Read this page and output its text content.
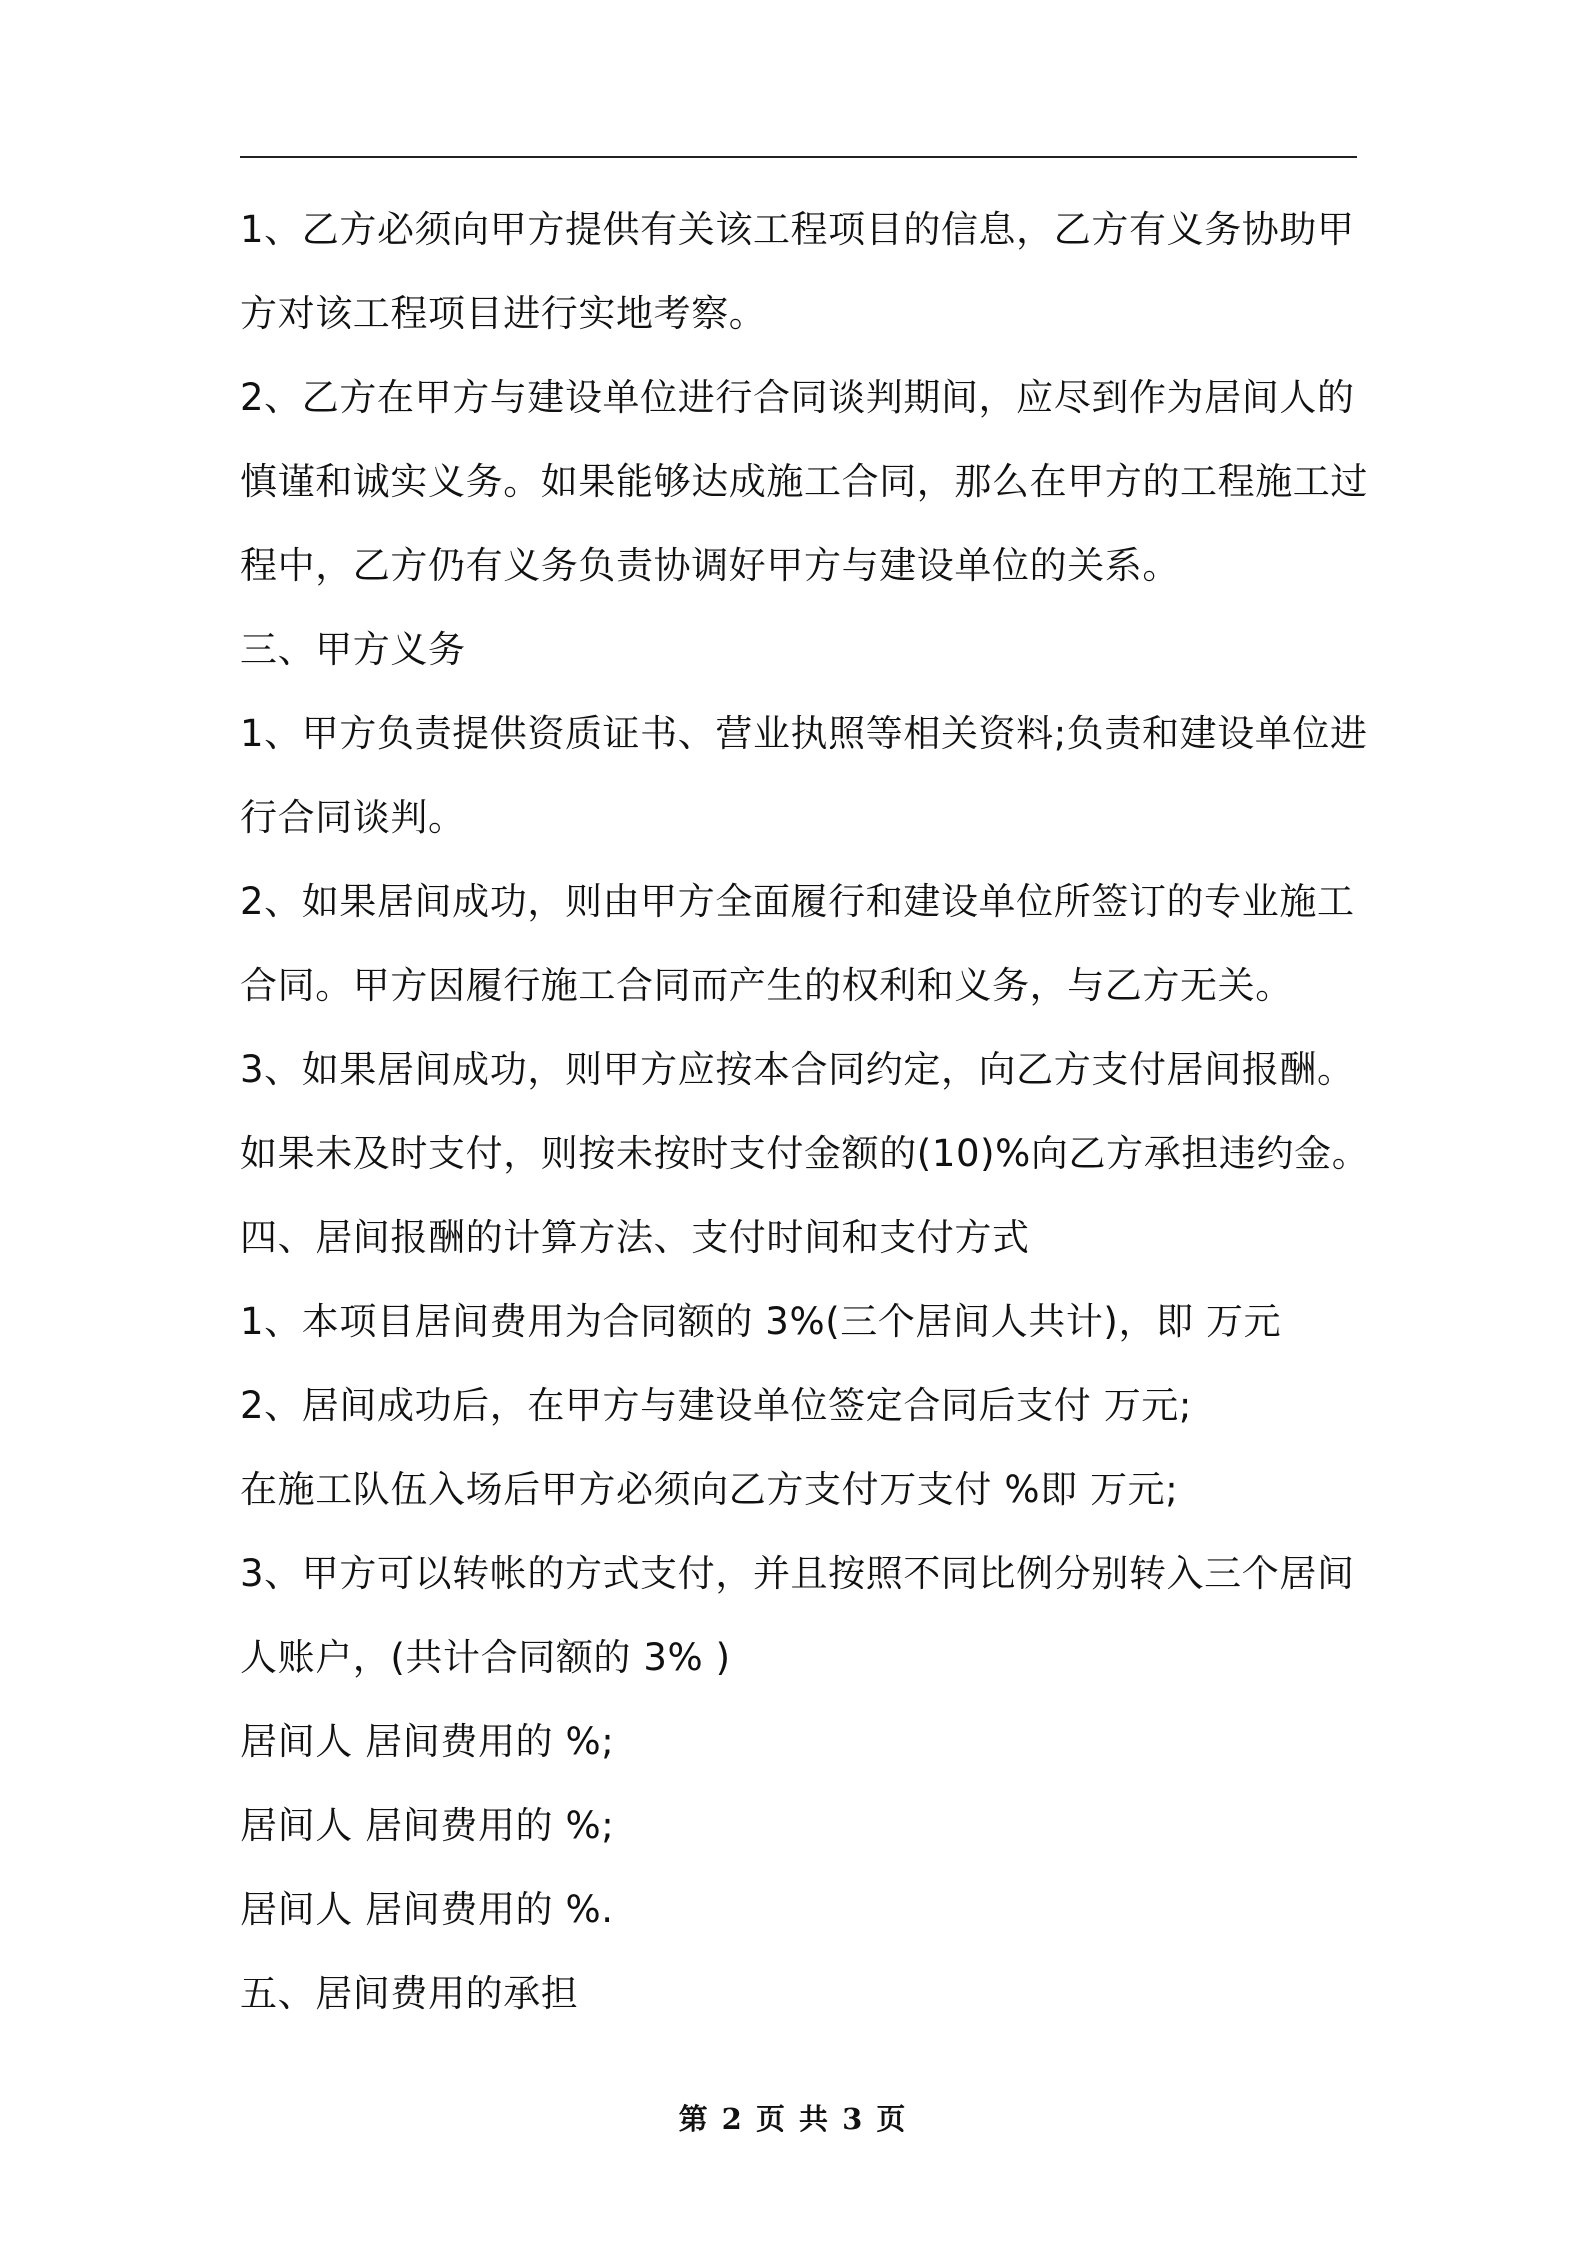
1、乙方必须向甲方提供有关该工程项目的信息，乙方有义务协助甲
方对该工程项目进行实地考察。
2、乙方在甲方与建设单位进行合同谈判期间，应尽到作为居间人的
慎谨和诚实义务。如果能够达成施工合同，那么在甲方的工程施工过
程中，乙方仍有义务负责协调好甲方与建设单位的关系。
三、甲方义务
1、甲方负责提供资质证书、营业执照等相关资料;负责和建设单位进
行合同谈判。
2、如果居间成功，则由甲方全面履行和建设单位所签订的专业施工
合同。甲方因履行施工合同而产生的权利和义务，与乙方无关。
3、如果居间成功，则甲方应按本合同约定，向乙方支付居间报酬。
如果未及时支付，则按未按时支付金额的(10)%向乙方承担违约金。
四、居间报酬的计算方法、支付时间和支付方式
1、本项目居间费用为合同额的 3%(三个居间人共计)，即 万元
2、居间成功后，在甲方与建设单位签定合同后支付 万元;
在施工队伍入场后甲方必须向乙方支付万支付 %即 万元;
3、甲方可以转帐的方式支付，并且按照不同比例分别转入三个居间
人账户，(共计合同额的 3% )
居间人 居间费用的 %;
居间人 居间费用的 %;
居间人 居间费用的 %.
五、居间费用的承担
第 2 页 共 3 页
